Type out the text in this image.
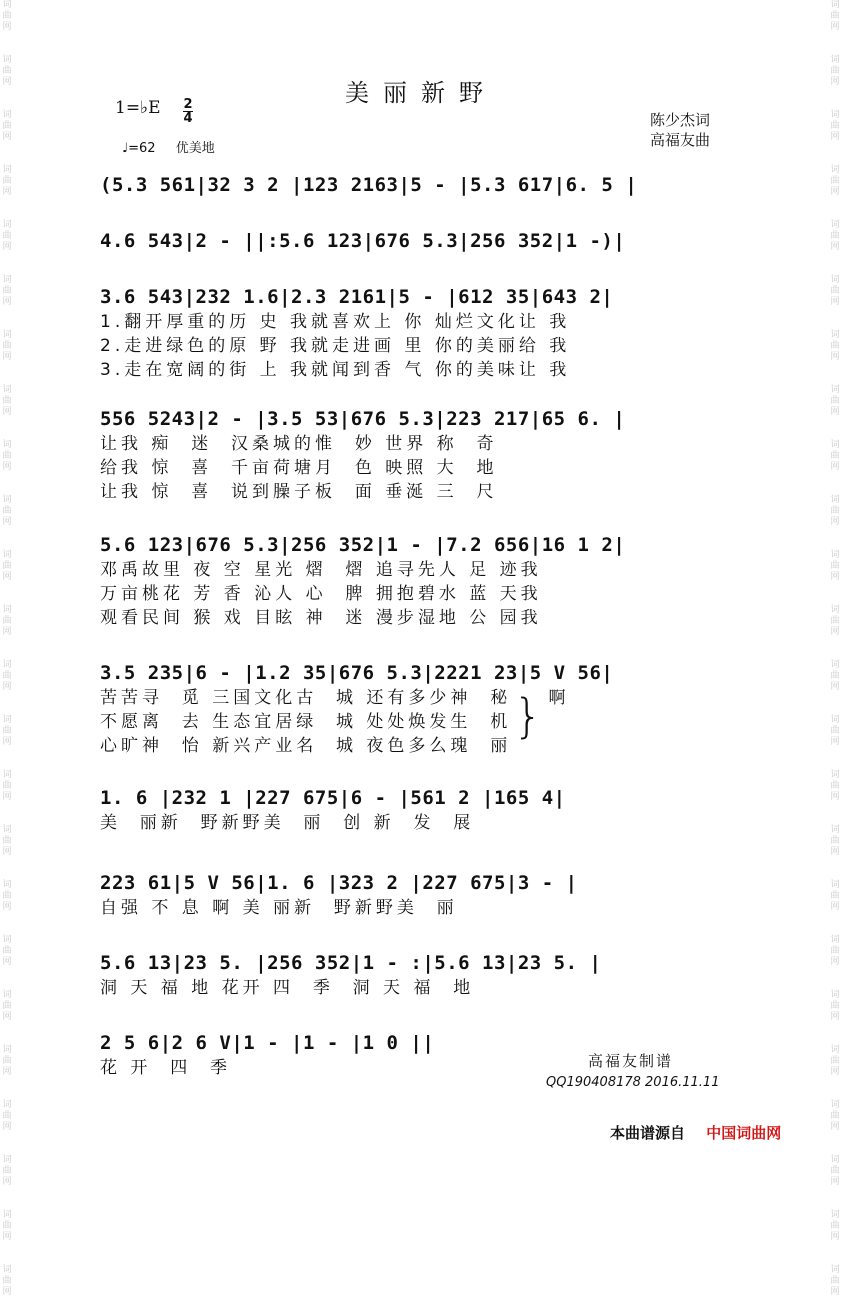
词
曲
网
词
曲
网
词
曲
网
词
曲
网
词
曲
网
词
曲
网
词
曲
网
词
曲
网
词
曲
网
词
曲
网
词
曲
网
词
曲
网
词
曲
网
词
曲
网
词
曲
网
词
曲
网
词
曲
网
词
曲
网
词
曲
网
词
曲
网
词
曲
网
词
曲
网
词
曲
网
词
曲
网
词
曲
网
词
曲
网
词
曲
网
词
曲
网
词
曲
网
词
曲
网
词
曲
网
词
曲
网
词
曲
网
词
曲
网
词
曲
网
词
曲
网
词
曲
网
词
曲
网
词
曲
网
词
曲
网
词
曲
网
词
曲
网
词
曲
网
词
曲
网
词
曲
网
词
曲
网
词
曲
网
词
曲
网
美丽新野
1=♭E 2
4
♩=62 优美地
陈少杰词
高福友曲
(5.3 561|32 3 2 |123 2163|5 - |5.3 617|6. 5 |
4.6 543|2 - ||:5.6 123|676 5.3|256 352|1 -)|
3.6 543|232 1.6|2.3 2161|5 - |612 35|643 2|
1.翻开厚重的历 史 我就喜欢上 你 灿烂文化让 我
2.走进绿色的原 野 我就走进画 里 你的美丽给 我
3.走在宽阔的街 上 我就闻到香 气 你的美味让 我
556 5243|2 - |3.5 53|676 5.3|223 217|65 6. |
让我 痴  迷  汉桑城的惟  妙 世界 称  奇
给我 惊  喜  千亩荷塘月  色 映照 大  地
让我 惊  喜  说到臊子板  面 垂涎 三  尺
5.6 123|676 5.3|256 352|1 - |7.2 656|16 1 2|
邓禹故里 夜 空 星光 熠  熠 追寻先人 足 迹我
万亩桃花 芳 香 沁人 心  脾 拥抱碧水 蓝 天我
观看民间 猴 戏 目眩 神  迷 漫步湿地 公 园我
3.5 235|6 - |1.2 35|676 5.3|2221 23|5 V 56|
苦苦寻  觅 三国文化古  城 还有多少神  秘
不愿离  去 生态宜居绿  城 处处焕发生  机
心旷神  怡 新兴产业名  城 夜色多么瑰  丽
} 啊
1. 6 |232 1 |227 675|6 - |561 2 |165 4|
美  丽新  野新野美  丽  创 新  发  展
223 61|5 V 56|1. 6 |323 2 |227 675|3 - |
自强 不 息 啊 美 丽新  野新野美  丽
5.6 13|23 5. |256 352|1 - :|5.6 13|23 5. |
洞 天 福 地 花开 四  季  洞 天 福  地
2 5 6|2 6 V|1 - |1 - |1 0 ||
花 开  四  季	高福友制谱
QQ190408178 2016.11.11
本曲谱源自 中国词曲网
